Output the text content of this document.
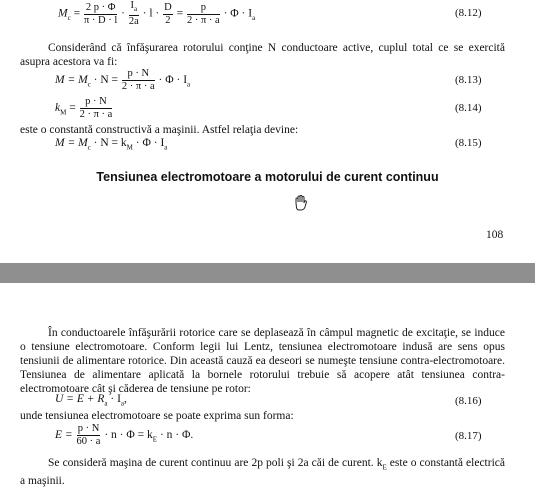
$M_c = \frac{2 p \cdot \Phi}{\pi \cdot D \cdot l} \cdot \frac{I_a}{2a} \cdot l \cdot \frac{D}{2} = \frac{p}{2 \cdot \pi \cdot a} \cdot \Phi \cdot I_a$	(8.12)
Considerând că înfăşurarea rotorului conţine N conductoare active, cuplul total ce se exercită asupra acestora va fi:
$M = M_c \cdot N = \frac{p \cdot N}{2 \cdot \pi \cdot a} \cdot \Phi \cdot I_a$	(8.13)
$k_M = \frac{p \cdot N}{2 \cdot \pi \cdot a}$	(8.14)
este o constantă constructivă a maşinii. Astfel relaţia devine:
$M = M_c \cdot N = k_M \cdot \Phi \cdot I_a$	(8.15)
Tensiunea electromotoare a motorului de curent continuu
108
În conductoarele înfăşurării rotorice care se deplasează în câmpul magnetic de excitaţie, se induce o tensiune electromotoare. Conform legii lui Lentz, tensiunea electromotoare indusă are sens opus tensiunii de alimentare rotorice. Din această cauză ea deseori se numeşte tensiune contra-electromotoare. Tensiunea de alimentare aplicată la bornele rotorului trebuie să acopere atât tensiunea contra-electromotoare cât şi căderea de tensiune pe rotor:
$U = E + R_a \cdot I_a$,	(8.16)
unde tensiunea electromotoare se poate exprima sun forma:
$E = \frac{p \cdot N}{60 \cdot a} \cdot n \cdot \Phi = k_E \cdot n \cdot \Phi$.	(8.17)
Se consideră maşina de curent continuu are 2p poli şi 2a căi de curent. $k_E$ este o constantă electrică a maşinii.
